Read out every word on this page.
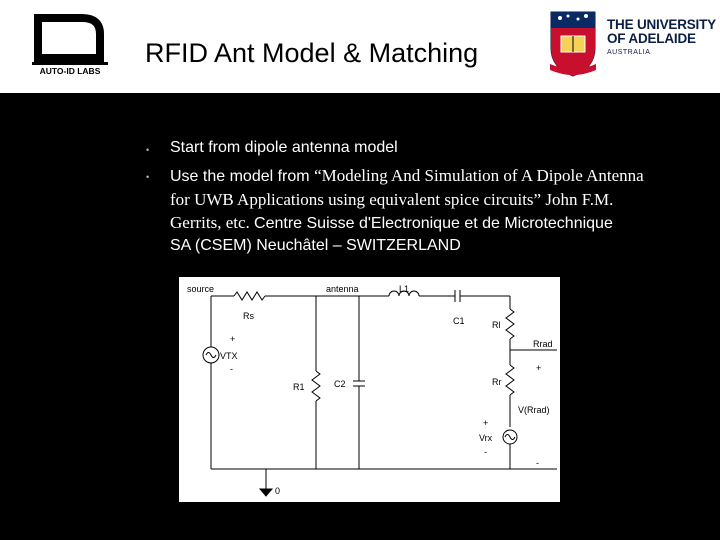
AUTO-ID LABS
RFID Ant Model & Matching
THE UNIVERSITY
OF ADELAIDE
AUSTRALIA
• Start from dipole antenna model
• Use the model from “Modeling And Simulation of A Dipole Antenna
for UWB Applications using equivalent spice circuits” John F.M.
Gerrits, etc. Centre Suisse d'Electronique et de Microtechnique
SA (CSEM) Neuchâtel – SWITZERLAND
source	antenna	L1
Rs	C1	Rl
Rrad
+
VTX
-
R1	C2	Rr
+
V(Rrad)
+
Vrx
-
-
0
